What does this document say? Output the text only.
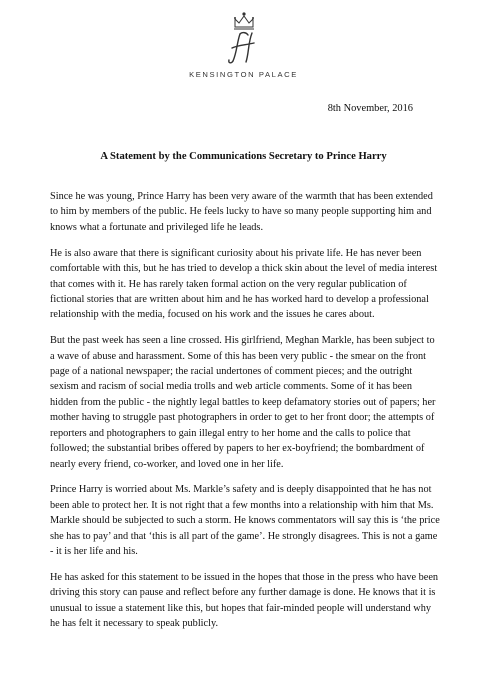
KENSINGTON PALACE
8th November, 2016
A Statement by the Communications Secretary to Prince Harry

Since he was young, Prince Harry has been very aware of the warmth that has been extended to him by members of the public. He feels lucky to have so many people supporting him and knows what a fortunate and privileged life he leads.

He is also aware that there is significant curiosity about his private life. He has never been comfortable with this, but he has tried to develop a thick skin about the level of media interest that comes with it. He has rarely taken formal action on the very regular publication of fictional stories that are written about him and he has worked hard to develop a professional relationship with the media, focused on his work and the issues he cares about.

But the past week has seen a line crossed. His girlfriend, Meghan Markle, has been subject to a wave of abuse and harassment. Some of this has been very public - the smear on the front page of a national newspaper; the racial undertones of comment pieces; and the outright sexism and racism of social media trolls and web article comments. Some of it has been hidden from the public - the nightly legal battles to keep defamatory stories out of papers; her mother having to struggle past photographers in order to get to her front door; the attempts of reporters and photographers to gain illegal entry to her home and the calls to police that followed; the substantial bribes offered by papers to her ex-boyfriend; the bombardment of nearly every friend, co-worker, and loved one in her life.

Prince Harry is worried about Ms. Markle’s safety and is deeply disappointed that he has not been able to protect her. It is not right that a few months into a relationship with him that Ms. Markle should be subjected to such a storm. He knows commentators will say this is ‘the price she has to pay’ and that ‘this is all part of the game’. He strongly disagrees. This is not a game - it is her life and his.

He has asked for this statement to be issued in the hopes that those in the press who have been driving this story can pause and reflect before any further damage is done. He knows that it is unusual to issue a statement like this, but hopes that fair-minded people will understand why he has felt it necessary to speak publicly.
